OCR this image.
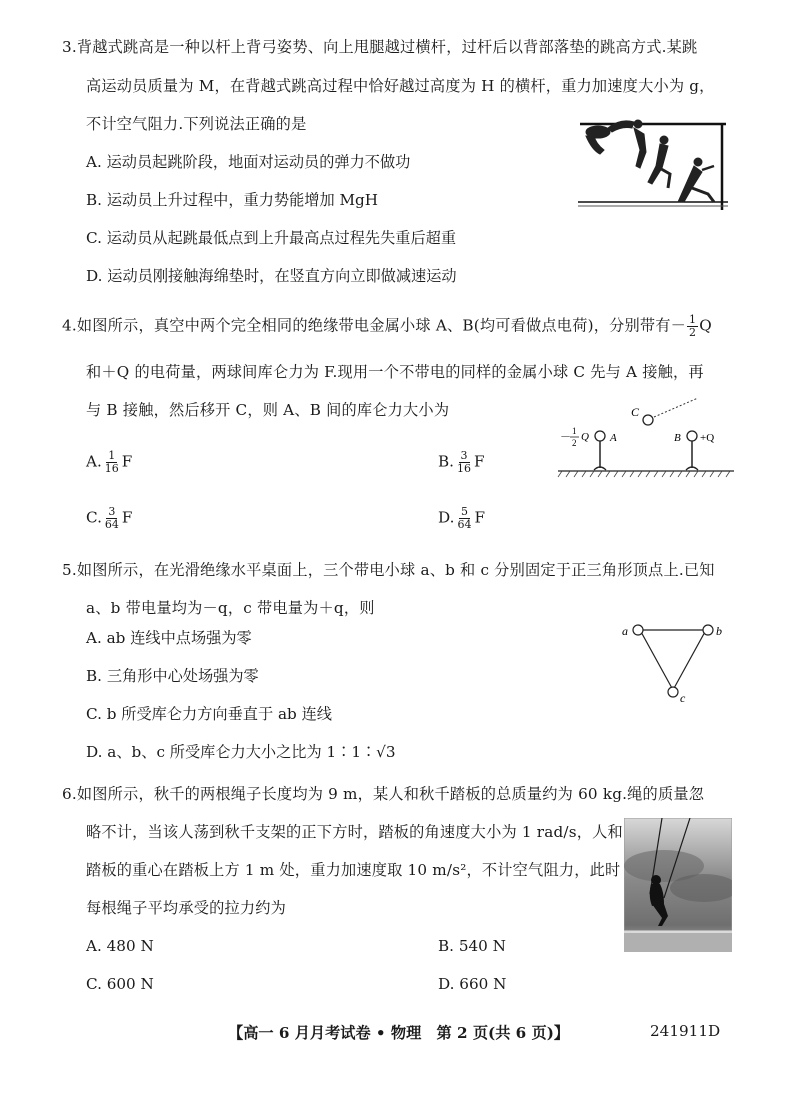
3.背越式跳高是一种以杆上背弓姿势、向上甩腿越过横杆，过杆后以背部落垫的跳高方式.某跳
高运动员质量为 M，在背越式跳高过程中恰好越过高度为 H 的横杆，重力加速度大小为 g，
不计空气阻力.下列说法正确的是
A. 运动员起跳阶段，地面对运动员的弹力不做功
B. 运动员上升过程中，重力势能增加 MgH
C. 运动员从起跳最低点到上升最高点过程先失重后超重
D. 运动员刚接触海绵垫时，在竖直方向立即做减速运动
4.如图所示，真空中两个完全相同的绝缘带电金属小球 A、B(均可看做点电荷)，分别带有－ $\frac{1}{2}$ Q
和＋Q 的电荷量，两球间库仑力为 F.现用一个不带电的同样的金属小球 C 先与 A 接触，再
与 B 接触，然后移开 C，则 A、B 间的库仑力大小为
A. $\frac{1}{16}$ F	B. $\frac{3}{16}$ F
C. $\frac{3}{64}$ F	D. $\frac{5}{64}$ F
C
－ 1
2 Q A	B +Q
5.如图所示，在光滑绝缘水平桌面上，三个带电小球 a、b 和 c 分别固定于正三角形顶点上.已知
a、b 带电量均为－q，c 带电量为＋q，则
A. ab 连线中点场强为零
B. 三角形中心处场强为零
C. b 所受库仑力方向垂直于 ab 连线
D. a、b、c 所受库仑力大小之比为 1∶1∶√3
a	b
c
6.如图所示，秋千的两根绳子长度均为 9 m，某人和秋千踏板的总质量约为 60 kg.绳的质量忽
略不计，当该人荡到秋千支架的正下方时，踏板的角速度大小为 1 rad/s，人和
踏板的重心在踏板上方 1 m 处，重力加速度取 10 m/s²，不计空气阻力，此时
每根绳子平均承受的拉力约为
A. 480 N	B. 540 N
C. 600 N	D. 660 N
【高一 6 月月考试卷 • 物理　第 2 页(共 6 页)】	241911D
